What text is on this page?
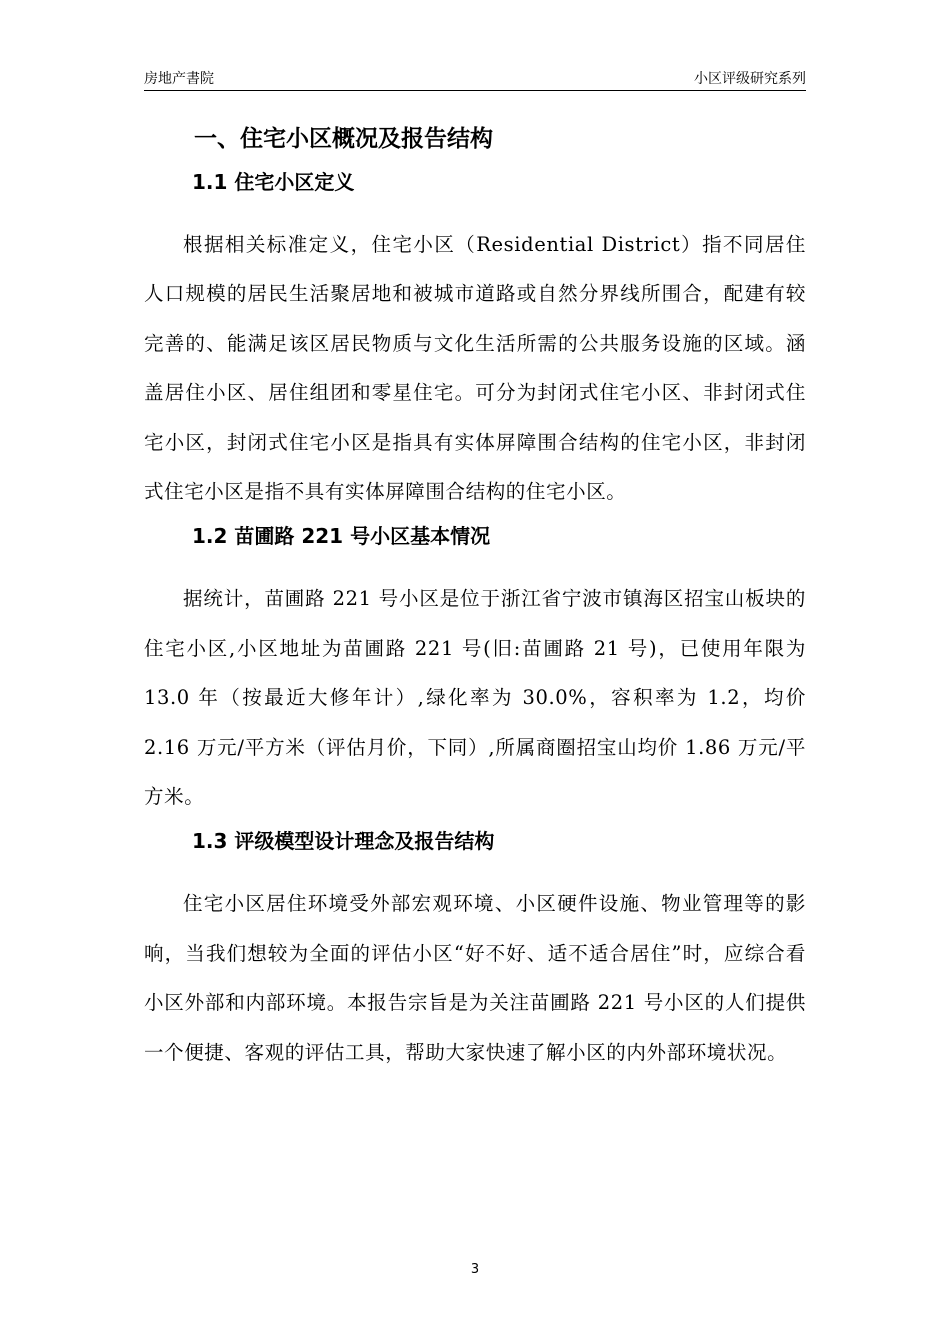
房地产書院	小区评级研究系列
一、住宅小区概况及报告结构
1.1 住宅小区定义

根据相关标准定义，住宅小区（Residential District）指不同居住人口规模的居民生活聚居地和被城市道路或自然分界线所围合，配建有较完善的、能满足该区居民物质与文化生活所需的公共服务设施的区域。涵盖居住小区、居住组团和零星住宅。可分为封闭式住宅小区、非封闭式住宅小区，封闭式住宅小区是指具有实体屏障围合结构的住宅小区，非封闭式住宅小区是指不具有实体屏障围合结构的住宅小区。

1.2 苗圃路 221 号小区基本情况

据统计，苗圃路 221 号小区是位于浙江省宁波市镇海区招宝山板块的住宅小区,小区地址为苗圃路 221 号(旧:苗圃路 21 号)，已使用年限为 13.0 年（按最近大修年计）,绿化率为 30.0%，容积率为 1.2，均价 2.16 万元/平方米（评估月价，下同）,所属商圈招宝山均价 1.86 万元/平方米。

1.3 评级模型设计理念及报告结构

住宅小区居住环境受外部宏观环境、小区硬件设施、物业管理等的影响，当我们想较为全面的评估小区“好不好、适不适合居住”时，应综合看小区外部和内部环境。本报告宗旨是为关注苗圃路 221 号小区的人们提供一个便捷、客观的评估工具，帮助大家快速了解小区的内外部环境状况。

3
